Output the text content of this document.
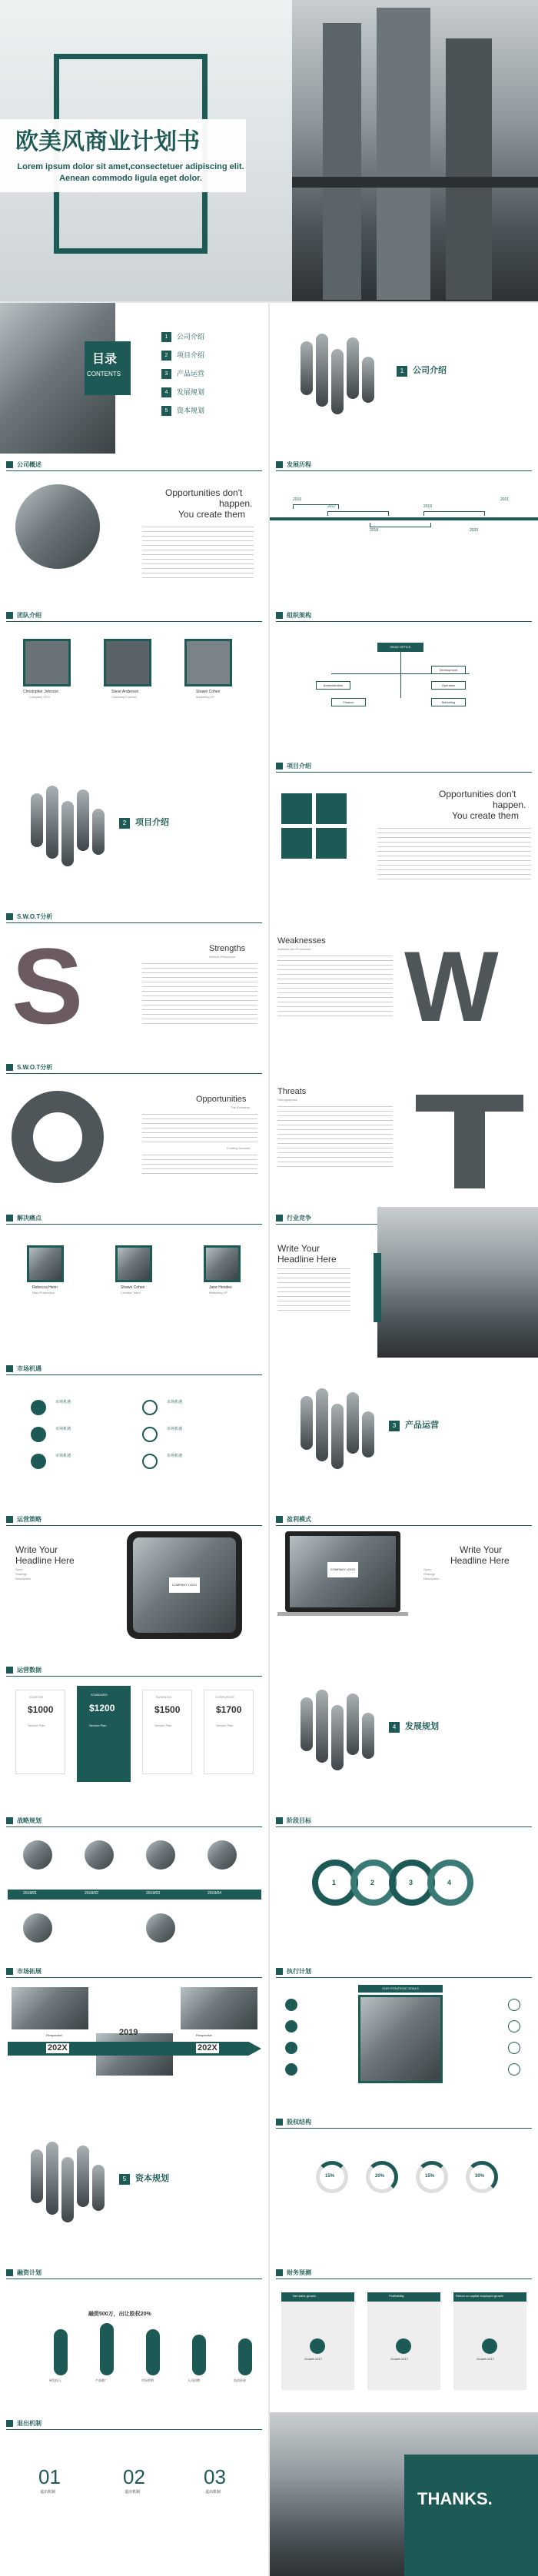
欧美风商业计划书
Lorem ipsum dolor sit amet,consectetuer adipiscing elit. Aenean commodo ligula eget dolor.
目录
CONTENTS
1	公司介绍
2	项目介绍
3	产品运营
4	发展规划
5	资本规划
1	公司介绍
公司概述
Opportunities don't
happen.
You create them
发展历程
2016
2017
2018
2019
2020
2021
团队介绍
Christopher Johnson
Company CEO
Steve Anderson
Company Founder
Shawn Cohen
Marketing VP
组织架构
HEAD OFFICE
Administration
Development
Operation
Finance	Marketing
2	项目介绍
项目介绍
Opportunities don't
happen.
You create them
S.W.O.T分析
S	Strengths
Intrinsic Resources
Weaknesses
Activities and Processes W
S.W.O.T分析
Opportunities
The Economy
Funding Sources
Threats
Demographics
解决痛点
Rebecca Heim
Main Production
Shawn Cohen
Creative Team
Jane Hendee
Marketing VP
行业竞争
Write Your
Headline Here
市场机遇
市场机遇
市场机遇
市场机遇
市场机遇
市场机遇
市场机遇
3	产品运营
运营策略
Write Your
Headline Here
Open
Strategy
Description
COMPANY LOGO
盈利模式
COMPANY LOGO
Write Your
Headline Here
Open
Strategy
Description
运营数据
STARTER
STANDARD
BUSINESS	CORPORATE
$1000	$1200	$1500	$1700
Service Plan	Service Plan	Service Plan	Service Plan	4	发展规划
战略规划
2018/01	2018/02	2019/03	2019/04
阶段目标
1	2	3	4
市场拓展
202X
2019
202X
Perspective	Perspective
执行计划
OUR STRATEGIC GOALS
5	资本规划
股权结构
15%	20%	15%	30%
融资计划
融资500万，出让股权20%
研发投入	产品推广	市场营销	人员招聘	流动资金
财务预测
Net sales growth	Profitability	Return on capital employed growth
Growth 2017	Growth 2017	Growth 2017
退出机制
01	02	03
退出机制	退出机制	退出机制	THANKS.
